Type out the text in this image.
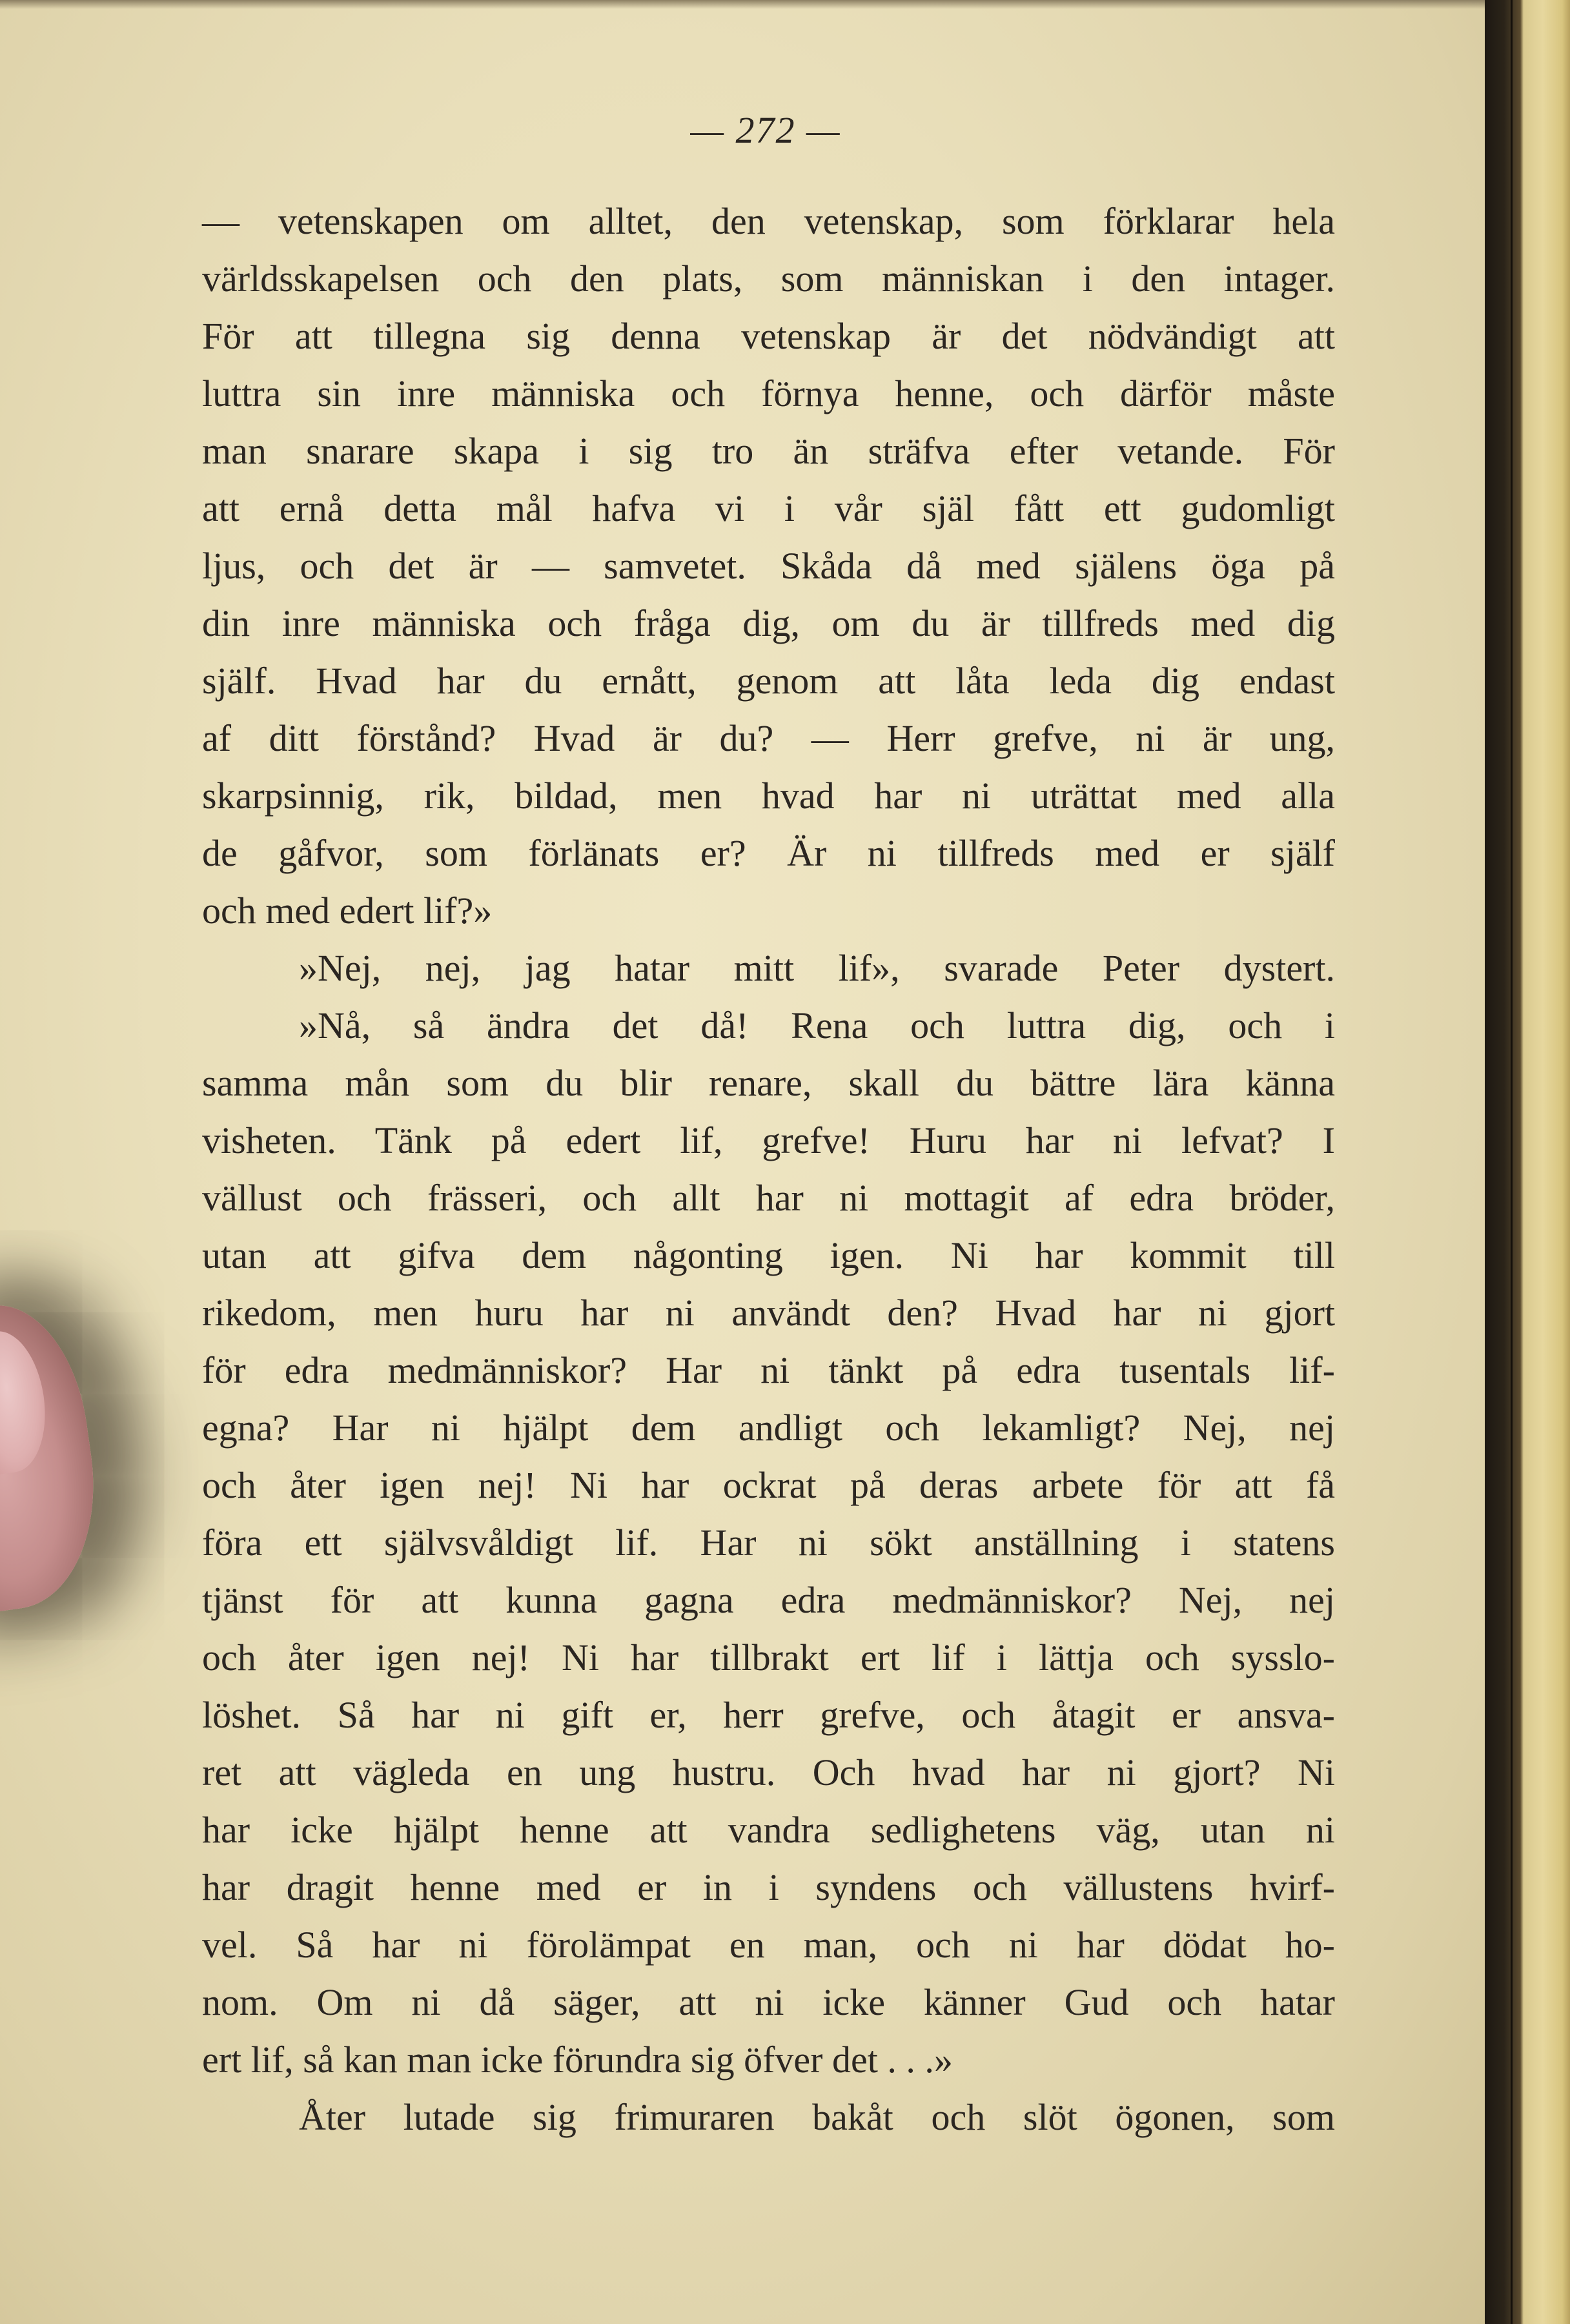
— 272 —
— vetenskapen om alltet, den vetenskap, som förklarar hela
världsskapelsen och den plats, som människan i den intager.
För att tillegna sig denna vetenskap är det nödvändigt att
luttra sin inre människa och förnya henne, och därför måste
man snarare skapa i sig tro än sträfva efter vetande. För
att ernå detta mål hafva vi i vår själ fått ett gudomligt
ljus, och det är — samvetet. Skåda då med själens öga på
din inre människa och fråga dig, om du är tillfreds med dig
själf. Hvad har du ernått, genom att låta leda dig endast
af ditt förstånd? Hvad är du? — Herr grefve, ni är ung,
skarpsinnig, rik, bildad, men hvad har ni uträttat med alla
de gåfvor, som förlänats er? Är ni tillfreds med er själf
och med edert lif?»
»Nej, nej, jag hatar mitt lif», svarade Peter dystert.
»Nå, så ändra det då! Rena och luttra dig, och i
samma mån som du blir renare, skall du bättre lära känna
visheten. Tänk på edert lif, grefve! Huru har ni lefvat? I
vällust och frässeri, och allt har ni mottagit af edra bröder,
utan att gifva dem någonting igen. Ni har kommit till
rikedom, men huru har ni användt den? Hvad har ni gjort
för edra medmänniskor? Har ni tänkt på edra tusentals lif-
egna? Har ni hjälpt dem andligt och lekamligt? Nej, nej
och åter igen nej! Ni har ockrat på deras arbete för att få
föra ett självsvåldigt lif. Har ni sökt anställning i statens
tjänst för att kunna gagna edra medmänniskor? Nej, nej
och åter igen nej! Ni har tillbrakt ert lif i lättja och sysslo-
löshet. Så har ni gift er, herr grefve, och åtagit er ansva-
ret att vägleda en ung hustru. Och hvad har ni gjort? Ni
har icke hjälpt henne att vandra sedlighetens väg, utan ni
har dragit henne med er in i syndens och vällustens hvirf-
vel. Så har ni förolämpat en man, och ni har dödat ho-
nom. Om ni då säger, att ni icke känner Gud och hatar
ert lif, så kan man icke förundra sig öfver det . . .»
Åter lutade sig frimuraren bakåt och slöt ögonen, som
